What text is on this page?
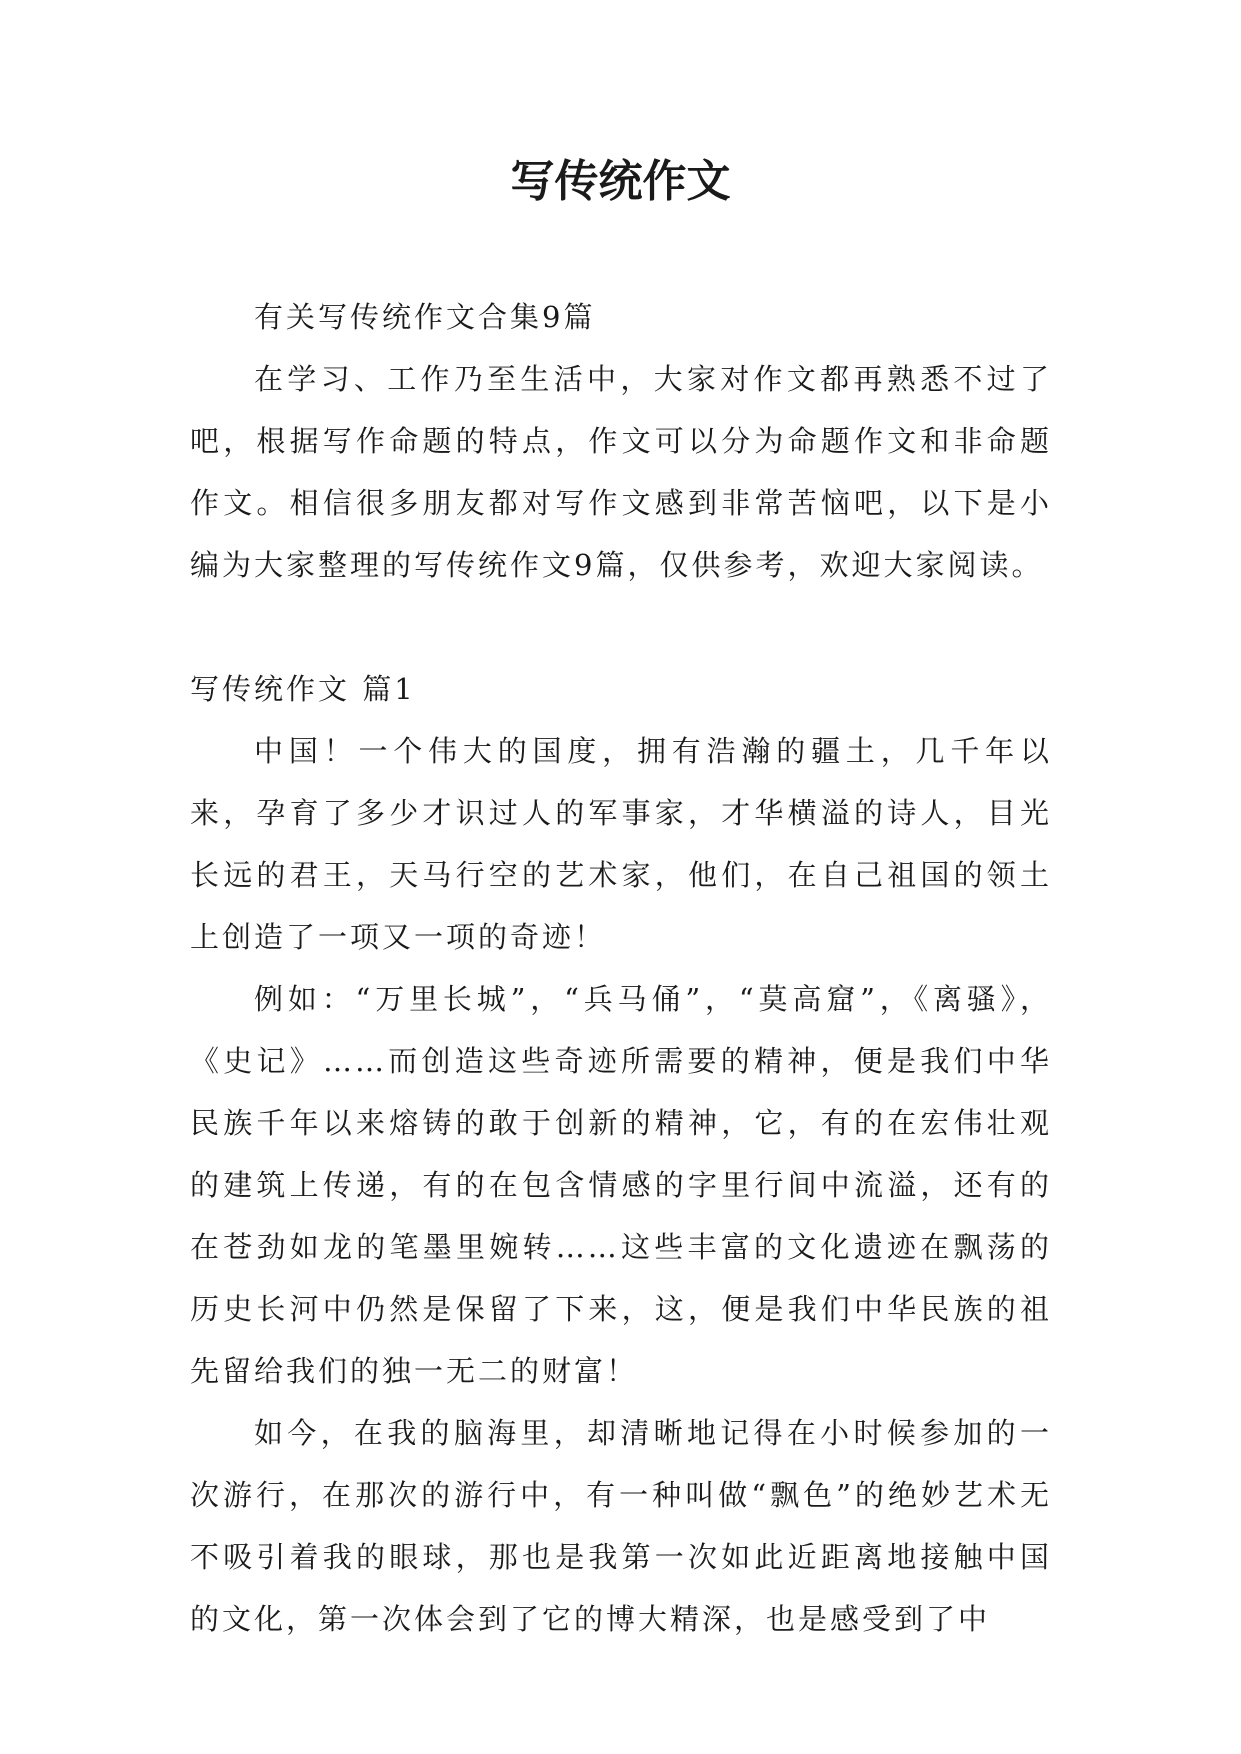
写传统作文

有关写传统作文合集9篇

在学习、工作乃至生活中，大家对作文都再熟悉不过了吧，根据写作命题的特点，作文可以分为命题作文和非命题作文。相信很多朋友都对写作文感到非常苦恼吧，以下是小编为大家整理的写传统作文9篇，仅供参考，欢迎大家阅读。

写传统作文 篇1

中国！一个伟大的国度，拥有浩瀚的疆土，几千年以来，孕育了多少才识过人的军事家，才华横溢的诗人，目光长远的君王，天马行空的艺术家，他们，在自己祖国的领土上创造了一项又一项的奇迹！

例如：“万里长城”，“兵马俑”，“莫高窟”，《离骚》，《史记》……而创造这些奇迹所需要的精神，便是我们中华民族千年以来熔铸的敢于创新的精神，它，有的在宏伟壮观的建筑上传递，有的在包含情感的字里行间中流溢，还有的在苍劲如龙的笔墨里婉转……这些丰富的文化遗迹在飘荡的历史长河中仍然是保留了下来，这，便是我们中华民族的祖先留给我们的独一无二的财富！

如今，在我的脑海里，却清晰地记得在小时候参加的一次游行，在那次的游行中，有一种叫做“飘色”的绝妙艺术无不吸引着我的眼球，那也是我第一次如此近距离地接触中国的文化，第一次体会到了它的博大精深，也是感受到了中
